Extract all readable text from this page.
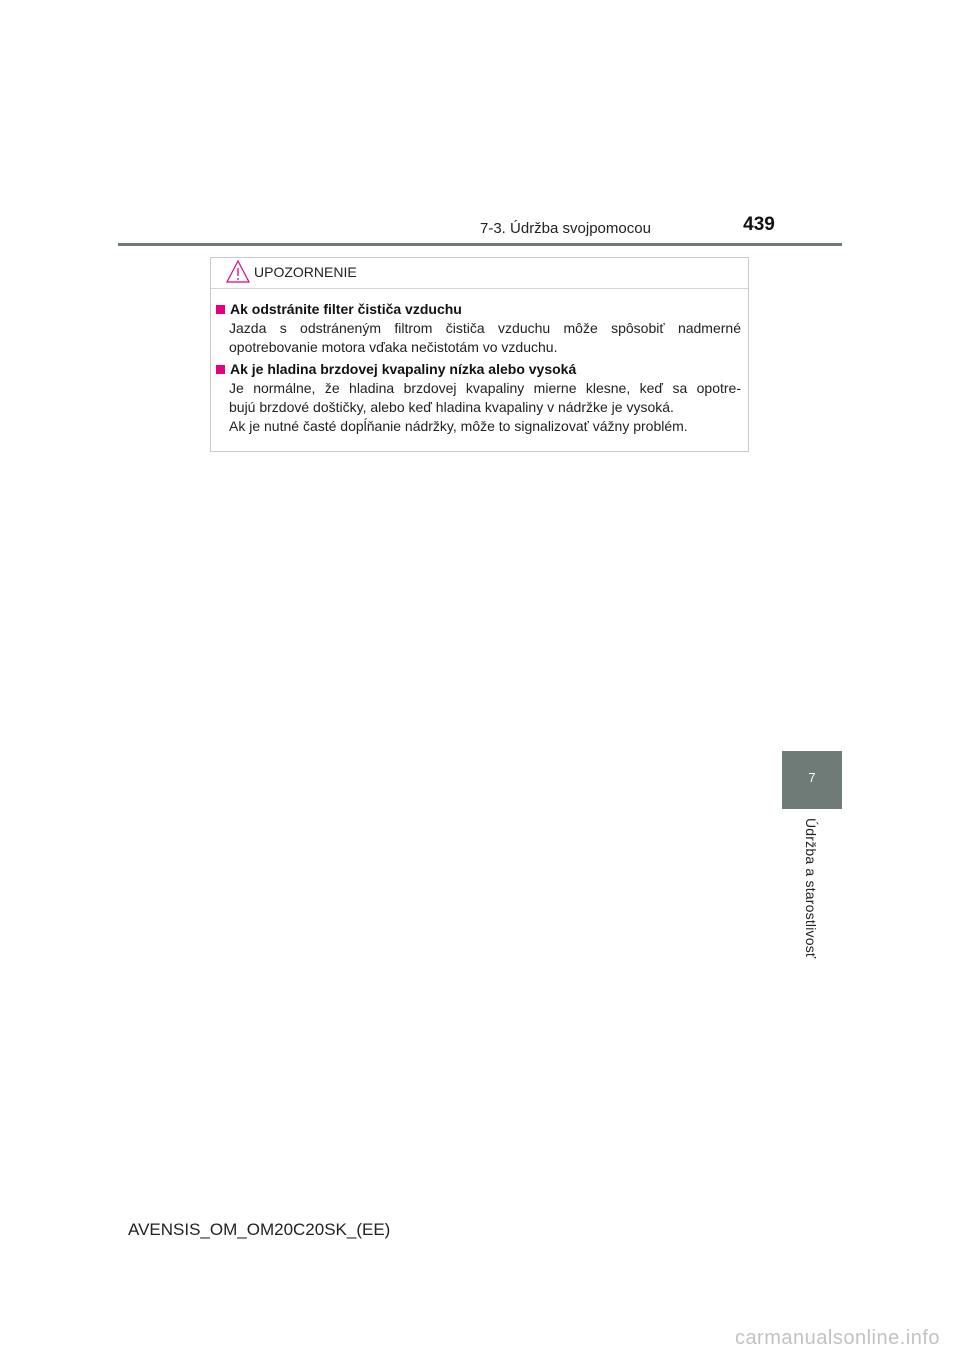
7-3. Údržba svojpomocou	439
UPOZORNENIE
Ak odstránite filter čističa vzduchu
Jazda s odstráneným filtrom čističa vzduchu môže spôsobiť nadmerné
opotrebovanie motora vďaka nečistotám vo vzduchu.
Ak je hladina brzdovej kvapaliny nízka alebo vysoká
Je normálne, že hladina brzdovej kvapaliny mierne klesne, keď sa opotre-
bujú brzdové doštičky, alebo keď hladina kvapaliny v nádržke je vysoká.
Ak je nutné časté dopĺňanie nádržky, môže to signalizovať vážny problém.
7
Údržba a starostlivosť
AVENSIS_OM_OM20C20SK_(EE)
carmanualsonline.info
